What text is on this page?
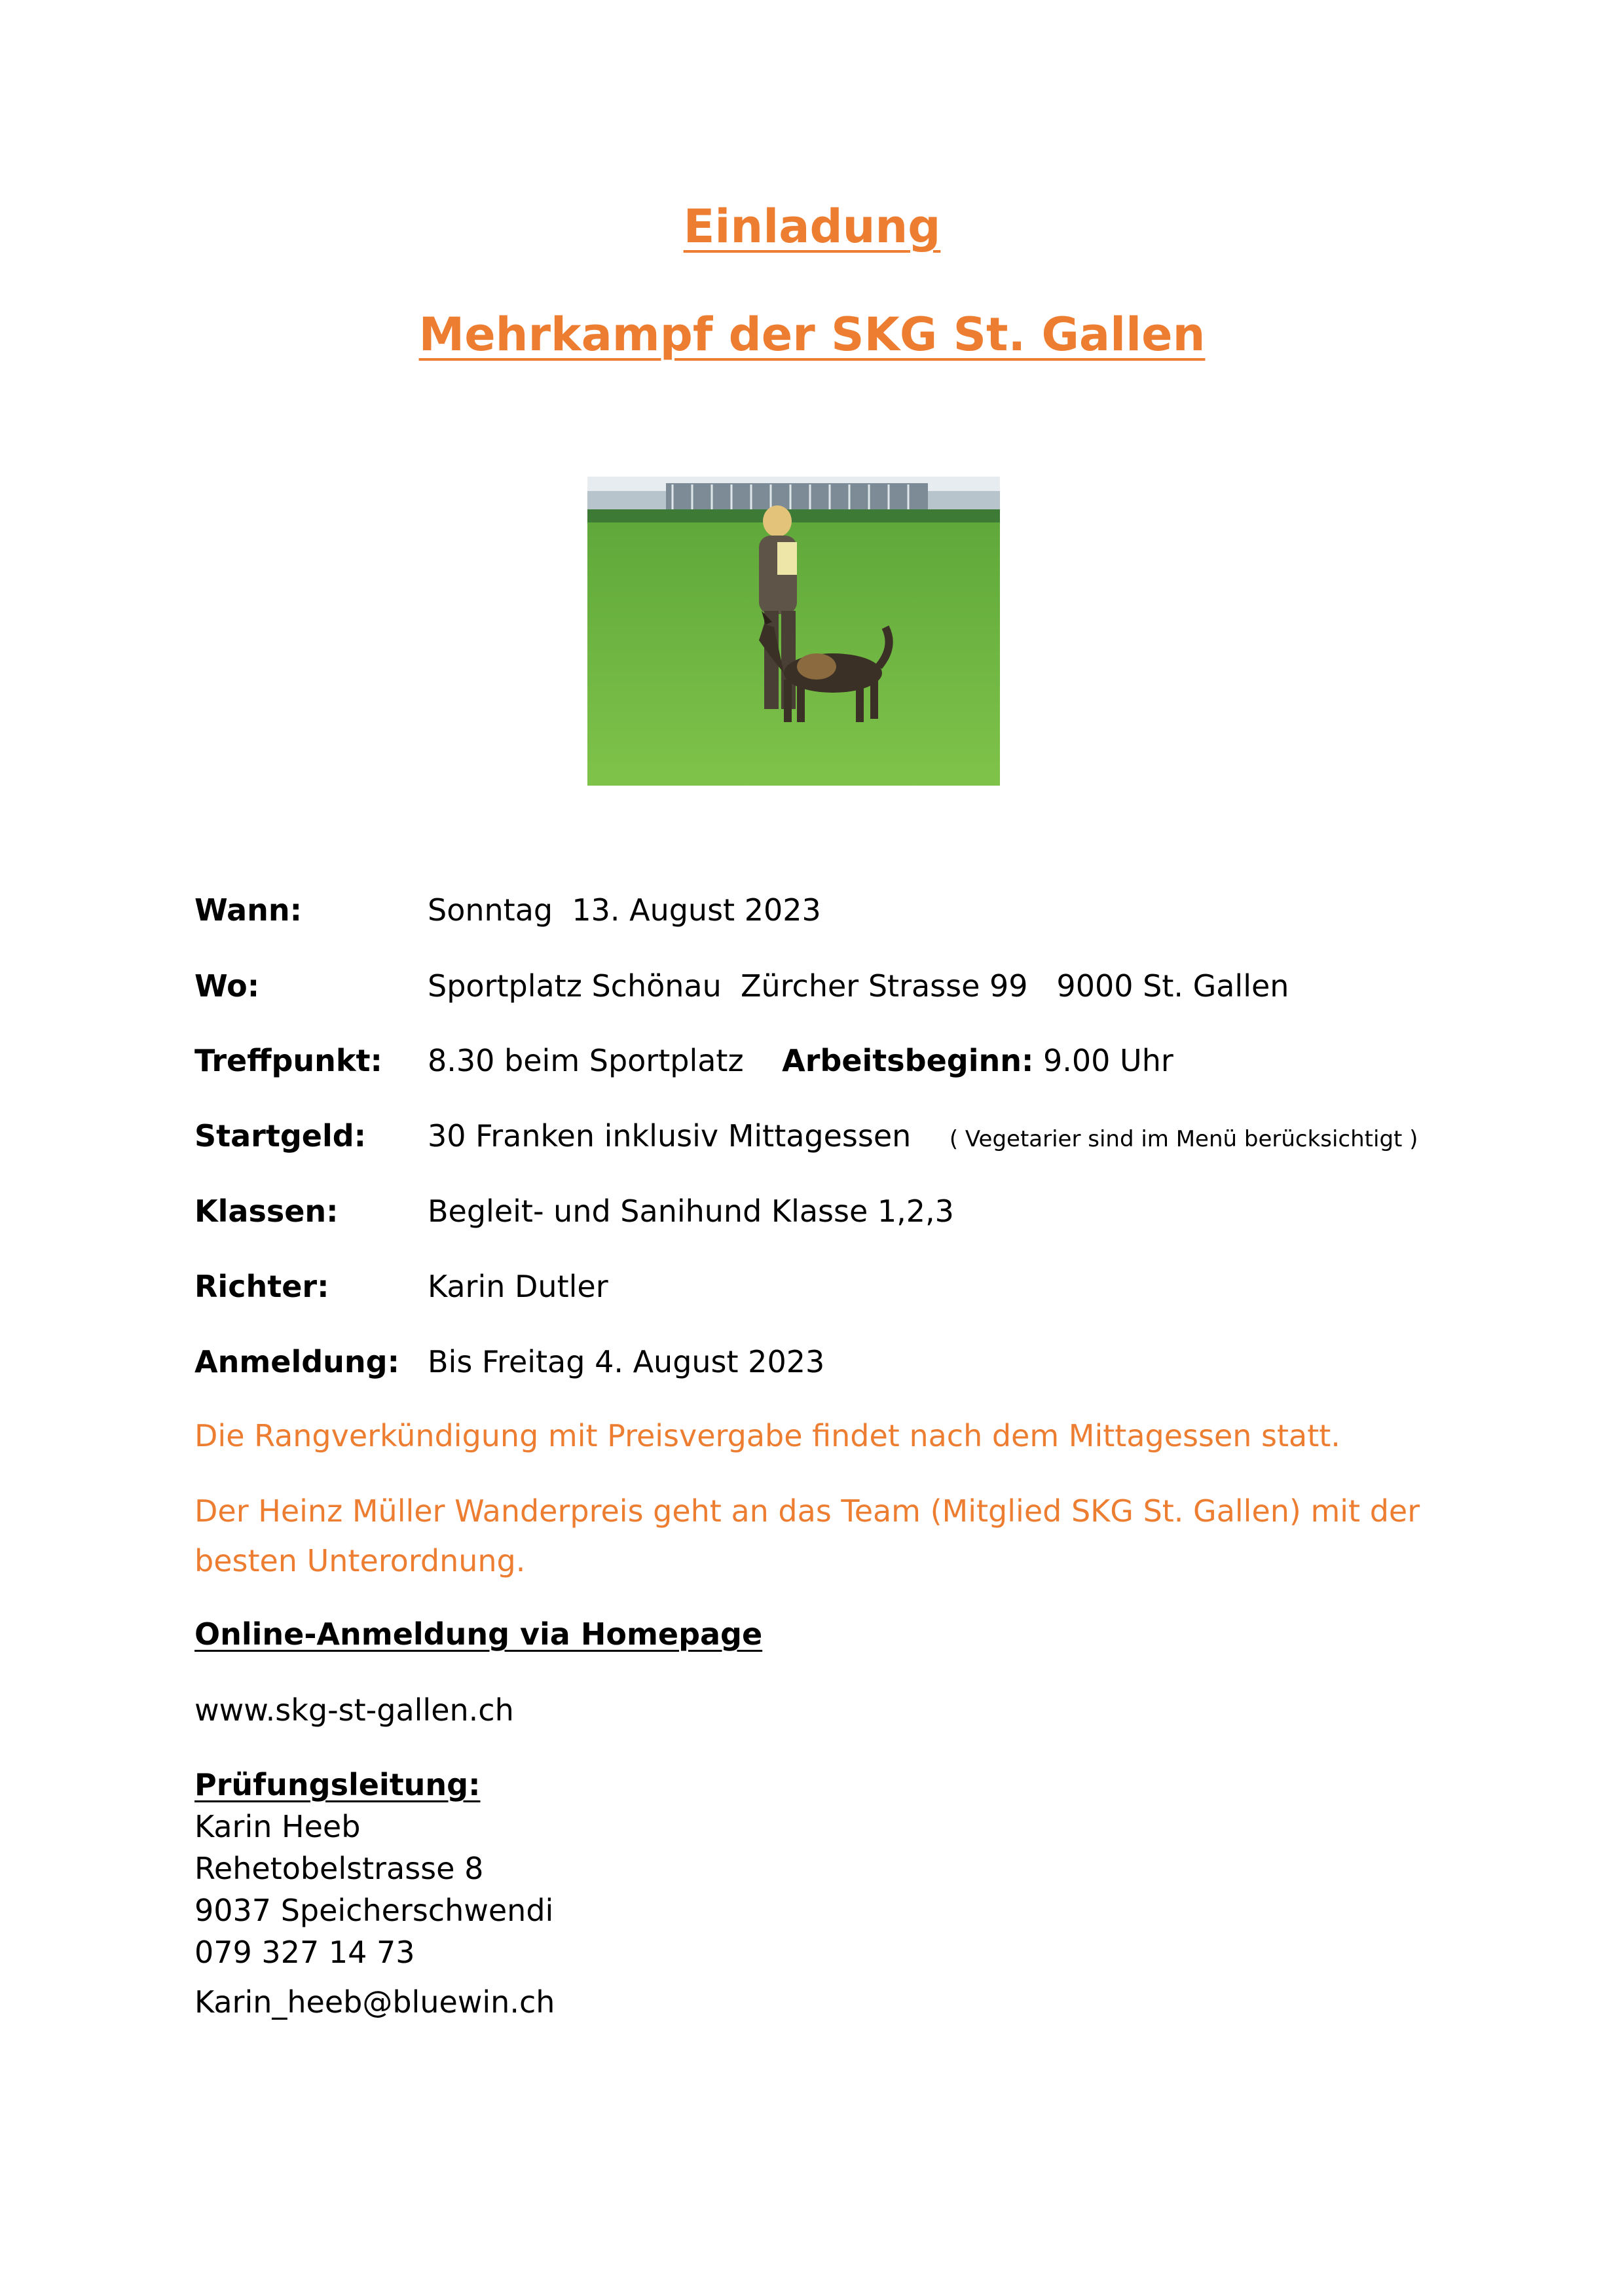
Einladung
Mehrkampf der SKG St. Gallen
Wann:	Sonntag  13. August 2023
Wo:	Sportplatz Schönau  Zürcher Strasse 99   9000 St. Gallen
Treffpunkt: 8.30 beim Sportplatz Arbeitsbeginn: 9.00 Uhr
Startgeld: 30 Franken inklusiv Mittagessen ( Vegetarier sind im Menü berücksichtigt )
Klassen:	Begleit- und Sanihund Klasse 1,2,3
Richter:	Karin Dutler
Anmeldung: Bis Freitag 4. August 2023
Die Rangverkündigung mit Preisvergabe findet nach dem Mittagessen statt.
Der Heinz Müller Wanderpreis geht an das Team (Mitglied SKG St. Gallen) mit der
besten Unterordnung.
Online-Anmeldung via Homepage
www.skg-st-gallen.ch
Prüfungsleitung:
Karin Heeb
Rehetobelstrasse 8
9037 Speicherschwendi
079 327 14 73
Karin_heeb@bluewin.ch
